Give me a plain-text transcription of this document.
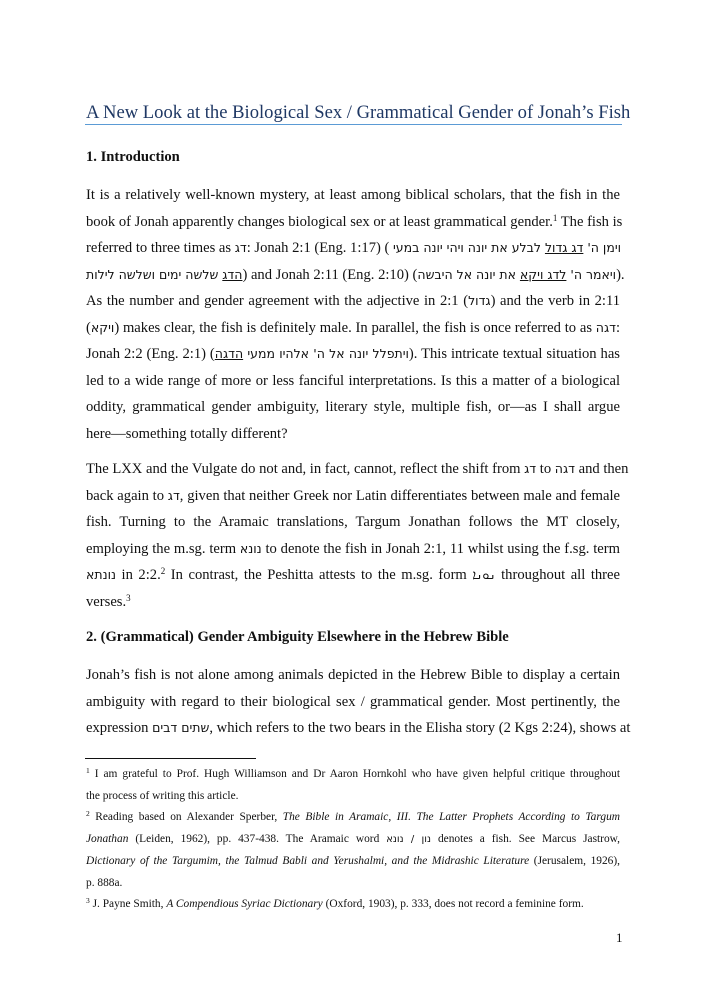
A New Look at the Biological Sex / Grammatical Gender of Jonah’s Fish
1. Introduction
It is a relatively well-known mystery, at least among biblical scholars, that the fish in the
book of Jonah apparently changes biological sex or at least grammatical gender.$^1$ The fish is
referred to three times as דג: Jonah 2:1 (Eng. 1:17) (	וימן ה' דג גדול לבלע את יונה ויהי יונה במעי
הדג שלשה ימים ושלשה לילות ) and Jonah 2:11 (Eng. 2:10) (	ויאמר ה' לדג ויקא את יונה אל היבשה	).
As the number and gender agreement with the adjective in 2:1 (גדול) and the verb in 2:11
(ויקא) makes clear, the fish is definitely male. In parallel, the fish is once referred to as דגה:
Jonah 2:2 (Eng. 2:1) ( ויתפלל יונה אל ה' אלהיו ממעי הדגה	). This intricate textual situation has
led to a wide range of more or less fanciful interpretations. Is this a matter of a biological
oddity, grammatical gender ambiguity, literary style, multiple fish, or—as I shall argue
here—something totally different?
The LXX and the Vulgate do not and, in fact, cannot, reflect the shift from דג to דגה and then
back again to דג, given that neither Greek nor Latin differentiates between male and female
fish. Turning to the Aramaic translations, Targum Jonathan follows the MT closely,
employing the m.sg. term נונא to denote the fish in Jonah 2:1, 11 whilst using the f.sg. term
נונתא in 2:2.$^2$ In contrast, the Peshitta attests to the m.sg. form ܢܘܢܐ throughout all three
verses.$^3$
2. (Grammatical) Gender Ambiguity Elsewhere in the Hebrew Bible
Jonah’s fish is not alone among animals depicted in the Hebrew Bible to display a certain
ambiguity with regard to their biological sex / grammatical gender. Most pertinently, the
expression שתים דבים, which refers to the two bears in the Elisha story (2 Kgs 2:24), shows at
$^1$ I am grateful to Prof. Hugh Williamson and Dr Aaron Hornkohl who have given helpful critique throughout
the process of writing this article.
$^2$ Reading based on Alexander Sperber, The Bible in Aramaic, III. The Latter Prophets According to Targum
Jonathan (Leiden, 1962), pp. 437-438. The Aramaic word נון / נונא denotes a fish. See Marcus Jastrow,
Dictionary of the Targumim, the Talmud Babli and Yerushalmi, and the Midrashic Literature (Jerusalem, 1926),
p. 888a.
$^3$ J. Payne Smith, A Compendious Syriac Dictionary (Oxford, 1903), p. 333, does not record a feminine form.
1
